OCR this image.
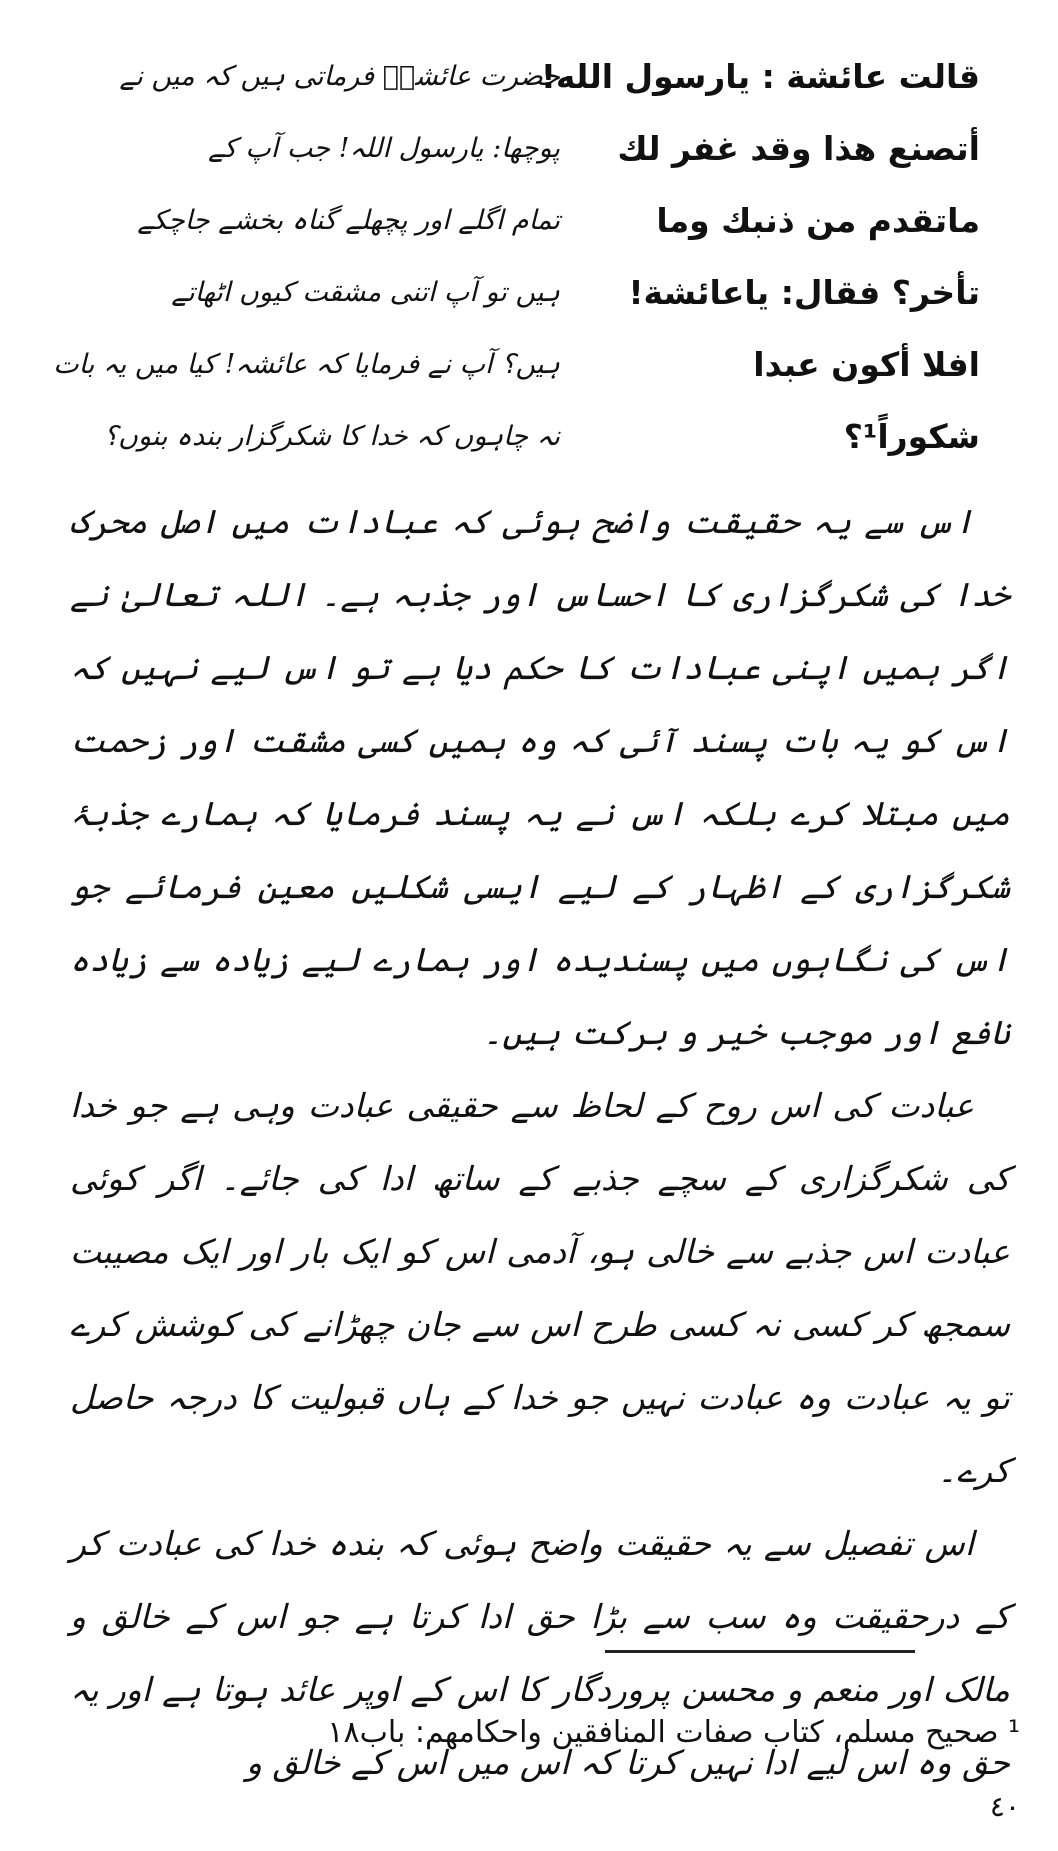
قالت عائشة : يارسول الله!
حضرت عائشہؓ فرماتی ہیں کہ میں نے
أتصنع هذا وقد غفر لك
پوچھا: یارسول اللہ! جب آپ کے
ماتقدم من ذنبك وما
تمام اگلے اور پچھلے گناہ بخشے جاچکے
تأخر؟ فقال: ياعائشة!
ہیں تو آپ اتنی مشقت کیوں اٹھاتے
افلا أكون عبدا
ہیں؟ آپ نے فرمایا کہ عائشہ! کیا میں یہ بات
شكوراً¹؟
نہ چاہوں کہ خدا کا شکرگزار بندہ بنوں؟

اس سے یہ حقیقت واضح ہوئی کہ عبادات میں اصل محرک خدا کی شکرگزاری کا احساس اور جذبہ ہے۔ اللہ تعالیٰ نے اگر ہمیں اپنی عبادات کا حکم دیا ہے تو اس لیے نہیں کہ اس کو یہ بات پسند آئی کہ وہ ہمیں کسی مشقت اور زحمت میں مبتلا کرے بلکہ اس نے یہ پسند فرمایا کہ ہمارے جذبۂ شکرگزاری کے اظہار کے لیے ایسی شکلیں معین فرمائے جو اس کی نگاہوں میں پسندیدہ اور ہمارے لیے زیادہ سے زیادہ نافع اور موجب خیر و برکت ہیں۔

عبادت کی اس روح کے لحاظ سے حقیقی عبادت وہی ہے جو خدا کی شکرگزاری کے سچے جذبے کے ساتھ ادا کی جائے۔ اگر کوئی عبادت اس جذبے سے خالی ہو، آدمی اس کو ایک بار اور ایک مصیبت سمجھ کر کسی نہ کسی طرح اس سے جان چھڑانے کی کوشش کرے تو یہ عبادت وہ عبادت نہیں جو خدا کے ہاں قبولیت کا درجہ حاصل کرے۔

اس تفصیل سے یہ حقیقت واضح ہوئی کہ بندہ خدا کی عبادت کر کے درحقیقت وہ سب سے بڑا حق ادا کرتا ہے جو اس کے خالق و مالک اور منعم و محسن پروردگار کا اس کے اوپر عائد ہوتا ہے اور یہ حق وہ اس لیے ادا نہیں کرتا کہ اس میں اس کے خالق و

¹ صحيح مسلم، كتاب صفات المنافقين واحكامهم: باب١٨
٤٠
